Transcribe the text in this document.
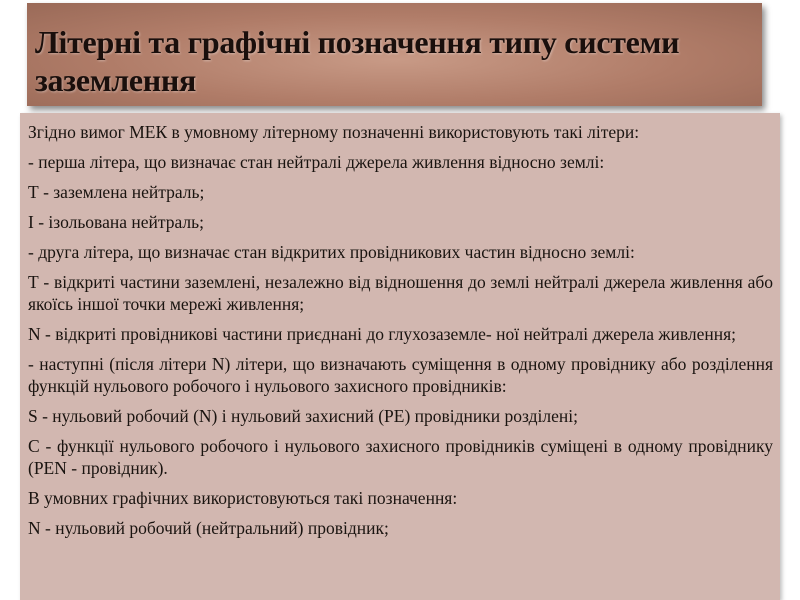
Літерні та графічні позначення типу системи заземлення

Згідно вимог МЕК в умовному літерному позначенні використовують такі літери:

- перша літера, що визначає стан нейтралі джерела живлення відносно землі:

Т - заземлена нейтраль;

І - ізольована нейтраль;

- друга літера, що визначає стан відкритих провідникових частин відносно землі:

Т - відкриті частини заземлені, незалежно від відношення до землі нейтралі джерела живлення або якоїсь іншої точки мережі живлення;

N - відкриті провідникові частини приєднані до глухозаземле- ної нейтралі джерела живлення;

- наступні (після літери N) літери, що визначають суміщення в одному провіднику або розділення функцій нульового робочого і нульового захисного провідників:

S - нульовий робочий (N) і нульовий захисний (РЕ) провідники розділені;

С - функції нульового робочого і нульового захисного провідників суміщені в одному провіднику (PEN - провідник).

В умовних графічних використовуються такі позначення:

N - нульовий робочий (нейтральний) провідник;
